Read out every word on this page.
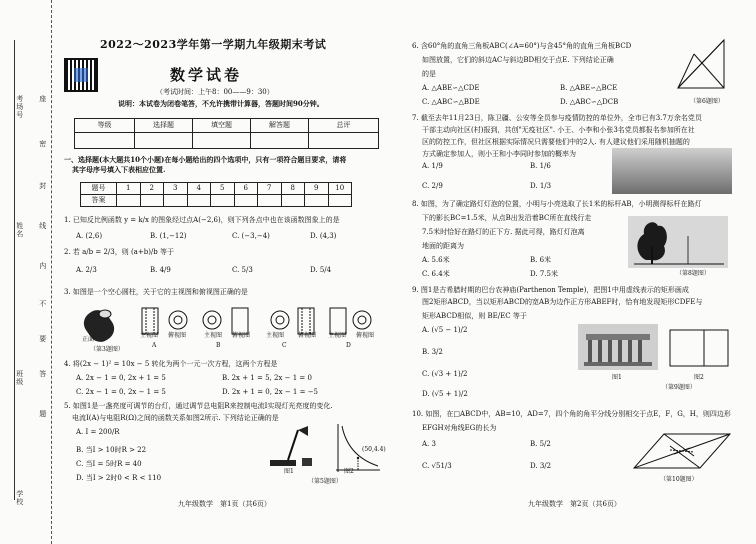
考场号 座
密
封
姓名 线
内
不
要
班级 答
题
学校
2022～2023学年第一学期九年级期末考试
数学试卷
（考试时间：上午8：00——9：30）
说明：本试卷为闭卷笔答，不允许携带计算器，答题时间90分钟。
等级	选择题	填空题	解答题	总评

一、选择题(本大题共10个小题)在每小题给出的四个选项中，只有一项符合题目要求，请将
其字母序号填入下表相应位置.
题号	1	2	3	4	5	6	7	8	9	10
答案										
1. 已知反比例函数 y = k/x 的图象经过点A(−2,6)，则下列各点中也在该函数图象上的是
A. (2,6)	B. (1,−12)	C. (−3,−4)	D. (4,3)
2. 若 a/b = 2/3，则 (a+b)/b 等于
A. 2/3	B. 4/9	C. 5/3	D. 5/4
3. 如图是一个空心圆柱，关于它的主视图和俯视图正确的是
正面
主视图 俯视图	主视图 俯视图	主视图 俯视图 主视图 俯视图
A	B	C	D
（第3题图）
4. 将(2x − 1)² = 10x − 5 转化为两个一元一次方程，这两个方程是
A. 2x − 1 = 0, 2x + 1 = 5	B. 2x + 1 = 5, 2x − 1 = 0
C. 2x − 1 = 0, 2x − 1 = 5	D. 2x + 1 = 0, 2x − 1 = −5
5. 如图1是一盏亮度可调节的台灯，通过调节总电阻R来控制电流I实现灯光亮度的变化.
电流I(A)与电阻R(Ω)之间的函数关系如图2所示. 下列结论正确的是
A. I = 200/R
B. 当I > 10时R > 22
C. 当I = 5时R = 40
D. 当I > 2时0 < R < 110
(50,4.4)
图1	图2
（第5题图）
九年级数学　第1页（共6页）
6. 含60°角的直角三角板ABC(∠A=60°)与含45°角的直角三角板BCD
如图放置，它们的斜边AC与斜边BD相交于点E. 下列结论正确
的是
A. △ABE∽△CDE	B. △ABE∽△BCE
C. △ABC∽△BDE	D. △ABC∽△DCB	（第6题图）
7. 截至去年11月23日，陈卫疆、公安等全员参与疫情防控的单位外，全市已有3.7万余名党员
干部主动向社区(村)报到，共创"无疫社区". 小王、小李和小张3名党员都报名参加所在社
区的防控工作，但社区根据实际情况只需要他们中的2人. 有人建议他们采用随机抽题的
方式确定参加人，则小王和小李同时参加的概率为
A. 1/9	B. 1/6
C. 2/9	D. 1/3
8. 如图，为了确定路灯灯泡的位置，小明与小亮选取了长1米的标杆AB，小明测得标杆在路灯
下的影长BC=1.5米，从点B出发沿着BC所在直线行走
7.5米时恰好在路灯的正下方. 据此可得，路灯灯泡离
地面的距离为
A. 5.6米	B. 6米
C. 6.4米	D. 7.5米	（第8题图）
9. 图1是古希腊时期的巴台农神庙(Parthenon Temple)，把图1中用虚线表示的矩形画成
图2矩形ABCD，当以矩形ABCD的宽AB为边作正方形ABEF时，恰有地发现矩形CDFE与
矩形ABCD相似，则 BE/EC 等于
A. (√5 − 1)/2
B. 3/2
C. (√3 + 1)/2
D. (√5 + 1)/2
图1	图2
（第9题图）
10. 如图，在□ABCD中，AB=10，AD=7，四个角的角平分线分别相交于点E，F，G，H，则四边形
EFGH对角线EG的长为
A. 3	B. 5/2
C. √51/3	D. 3/2
（第10题图）
九年级数学　第2页（共6页）
